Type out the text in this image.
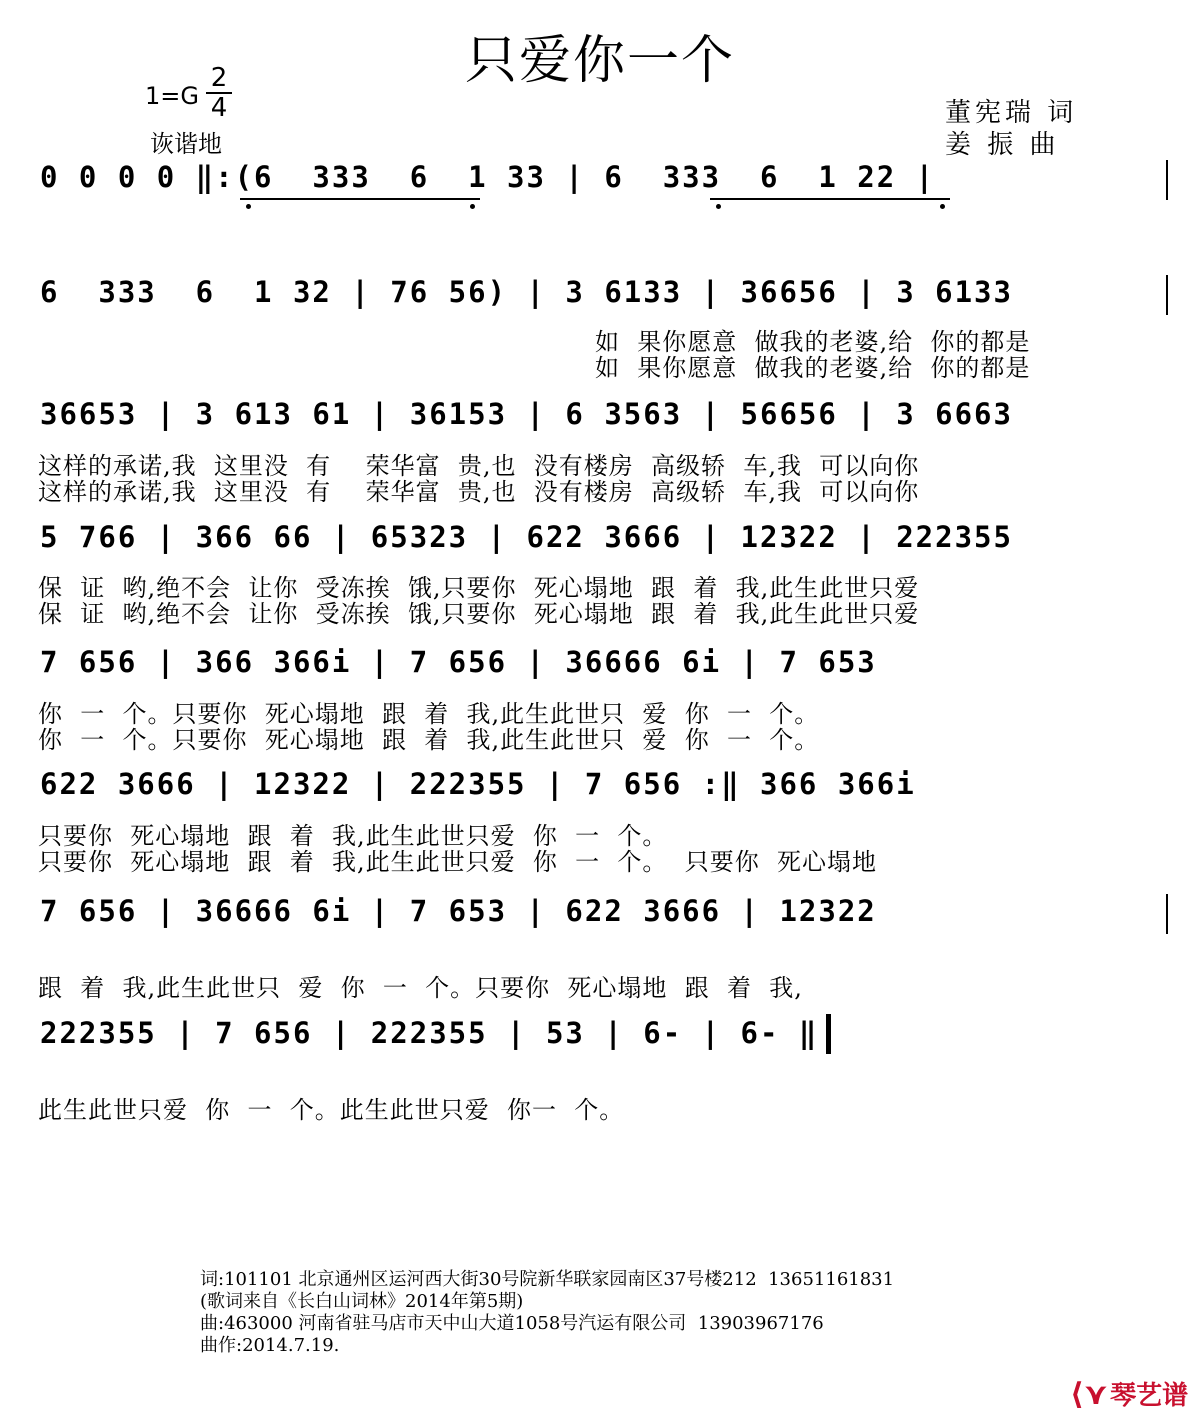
只爱你一个
1=G
2
4
诙谐地
董宪瑞 词
姜 振 曲
0 0 0 0 ‖:(6  333  6  1 33 | 6  333  6  1 22 |
6  333  6  1 32 | 76 56) | 3 6133 | 36656 | 3 6133
如  果你愿意  做我的老婆,给  你的都是
如  果你愿意  做我的老婆,给  你的都是
36653 | 3 613 61 | 36153 | 6 3563 | 56656 | 3 6663
这样的承诺,我  这里没  有    荣华富  贵,也  没有楼房  高级轿  车,我  可以向你
这样的承诺,我  这里没  有    荣华富  贵,也  没有楼房  高级轿  车,我  可以向你
5 766 | 366 66 | 65323 | 622 3666 | 12322 | 222355
保  证  哟,绝不会  让你  受冻挨  饿,只要你  死心塌地  跟  着  我,此生此世只爱
保  证  哟,绝不会  让你  受冻挨  饿,只要你  死心塌地  跟  着  我,此生此世只爱
7 656 | 366 366i | 7 656 | 36666 6i | 7 653
你  一  个。只要你  死心塌地  跟  着  我,此生此世只  爱  你  一  个。
你  一  个。只要你  死心塌地  跟  着  我,此生此世只  爱  你  一  个。
622 3666 | 12322 | 222355 | 7 656 :‖ 366 366i
只要你  死心塌地  跟  着  我,此生此世只爱  你  一  个。
只要你  死心塌地  跟  着  我,此生此世只爱  你  一  个。  只要你  死心塌地
7 656 | 36666 6i | 7 653 | 622 3666 | 12322
跟  着  我,此生此世只  爱  你  一  个。只要你  死心塌地  跟  着  我,
222355 | 7 656 | 222355 | 53 | 6- | 6- ‖
此生此世只爱  你  一  个。此生此世只爱  你一  个。
词:101101 北京通州区运河西大街30号院新华联家园南区37号楼212  13651161831
(歌词来自《长白山词林》2014年第5期)
曲:463000 河南省驻马店市天中山大道1058号汽运有限公司  13903967176
曲作:2014.7.19.
⟨⋎琴艺谱
